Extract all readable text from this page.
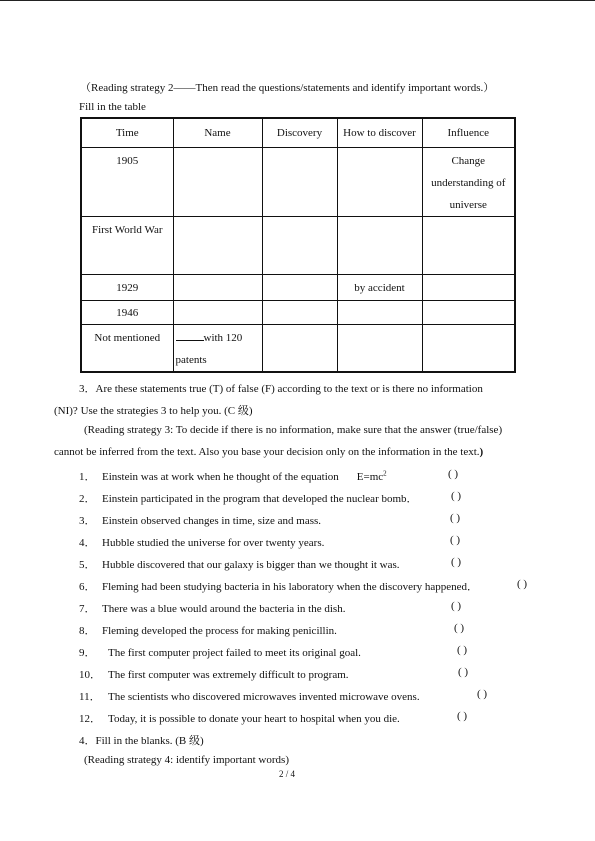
（Reading strategy 2——Then read the questions/statements and identify important words.）
Fill in the table
Time	Name	Discovery	How to discover	Influence

1905				Change
understanding of
universe

First World War				

1929			by accident	
1946				

Not mentioned	with 120
patents			

3．Are these statements true (T) of false (F) according to the text or is there no information
(NI)? Use the strategies 3 to help you. (C 级)
(Reading strategy 3: To decide if there is no information, make sure that the answer (true/false)
cannot be inferred from the text. Also you base your decision only on the information in the text.)
1． Einstein was at work when he thought of the equation $E=mc^2$	( )
2． Einstein participated in the program that developed the nuclear bomb．	( )
3． Einstein observed changes in time, size and mass.	( )
4． Hubble studied the universe for over twenty years.	( )
5． Hubble discovered that our galaxy is bigger than we thought it was.	( )
6． Fleming had been studying bacteria in his laboratory when the discovery happened．	( )
7． There was a blue would around the bacteria in the dish.	( )
8． Fleming developed the process for making penicillin.	( )
9． The first computer project failed to meet its original goal.	( )
10． The first computer was extremely difficult to program.	( )
11． The scientists who discovered microwaves invented microwave ovens.	( )
12． Today, it is possible to donate your heart to hospital when you die.	( )
4．Fill in the blanks. (B 级)
(Reading strategy 4: identify important words)
2 / 4
